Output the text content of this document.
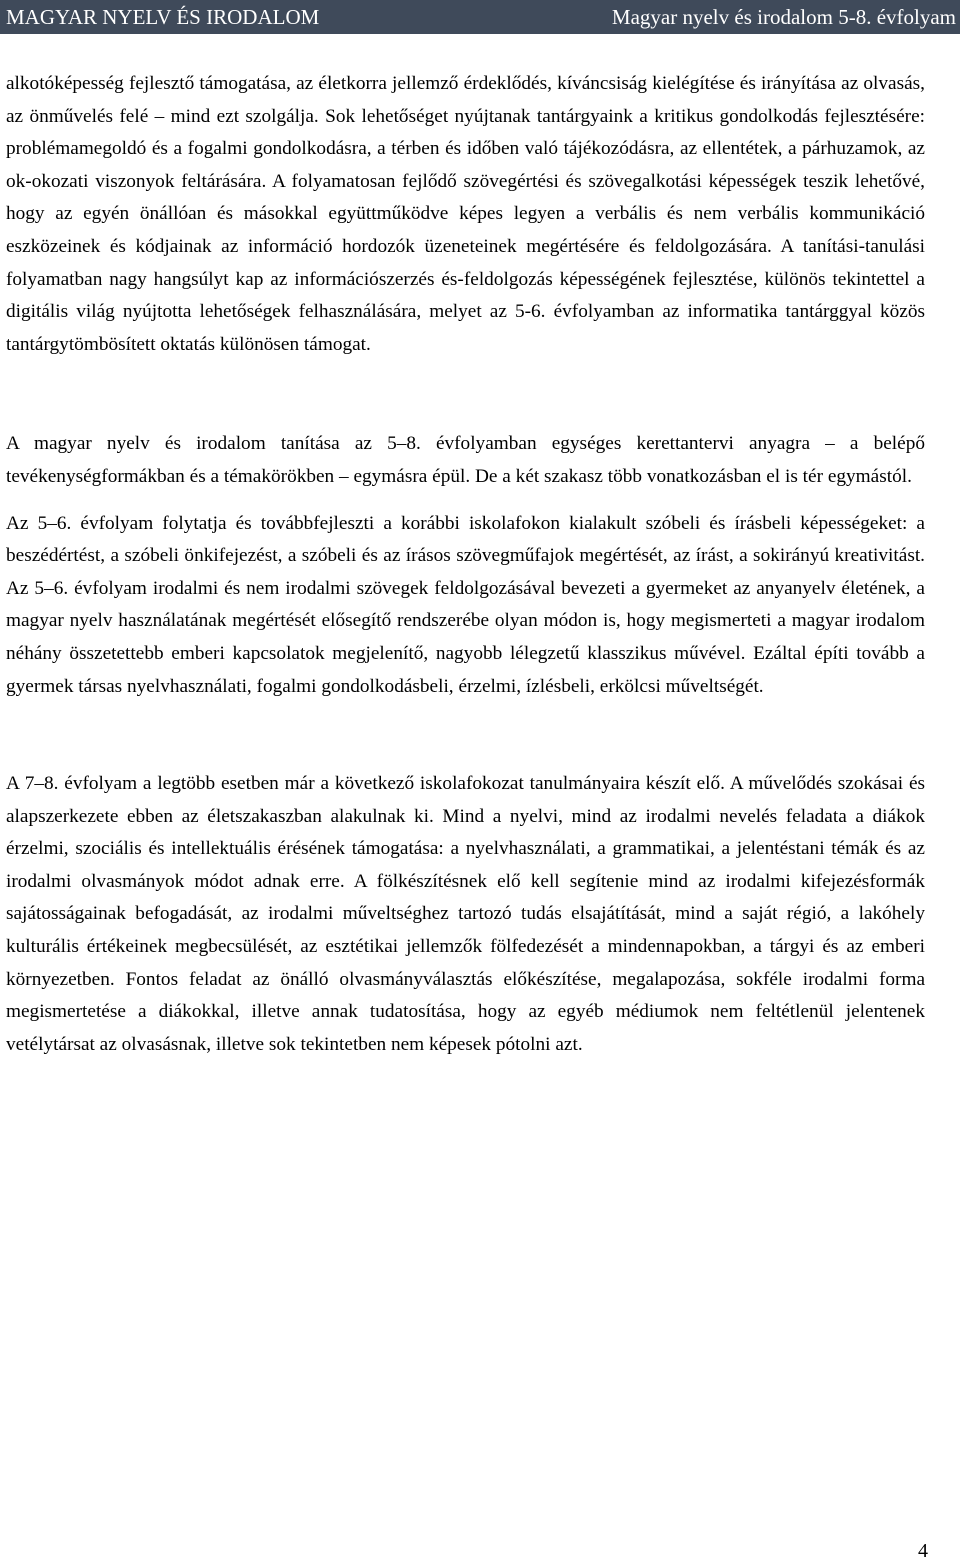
MAGYAR NYELV ÉS IRODALOM	Magyar nyelv és irodalom 5-8. évfolyam

alkotóképesség fejlesztő támogatása, az életkorra jellemző érdeklődés, kíváncsiság kielégítése és irányítása az olvasás, az önművelés felé – mind ezt szolgálja. Sok lehetőséget nyújtanak tantárgyaink a kritikus gondolkodás fejlesztésére: problémamegoldó és a fogalmi gondolkodásra, a térben és időben való tájékozódásra, az ellentétek, a párhuzamok, az ok-okozati viszonyok feltárására. A folyamatosan fejlődő szövegértési és szövegalkotási képességek teszik lehetővé, hogy az egyén önállóan és másokkal együttműködve képes legyen a verbális és nem verbális kommunikáció eszközeinek és kódjainak az információ hordozók üzeneteinek megértésére és feldolgozására. A tanítási-tanulási folyamatban nagy hangsúlyt kap az információszerzés és-feldolgozás képességének fejlesztése, különös tekintettel a digitális világ nyújtotta lehetőségek felhasználására, melyet az 5-6. évfolyamban az informatika tantárggyal közös tantárgytömbösített oktatás különösen támogat.

A magyar nyelv és irodalom tanítása az 5–8. évfolyamban egységes kerettantervi anyagra – a belépő tevékenységformákban és a témakörökben – egymásra épül. De a két szakasz több vonatkozásban el is tér egymástól.

Az 5–6. évfolyam folytatja és továbbfejleszti a korábbi iskolafokon kialakult szóbeli és írásbeli képességeket: a beszédértést, a szóbeli önkifejezést, a szóbeli és az írásos szövegműfajok megértését, az írást, a sokirányú kreativitást. Az 5–6. évfolyam irodalmi és nem irodalmi szövegek feldolgozásával bevezeti a gyermeket az anyanyelv életének, a magyar nyelv használatának megértését elősegítő rendszerébe olyan módon is, hogy megismerteti a magyar irodalom néhány összetettebb emberi kapcsolatok megjelenítő, nagyobb lélegzetű klasszikus művével. Ezáltal építi tovább a gyermek társas nyelvhasználati, fogalmi gondolkodásbeli, érzelmi, ízlésbeli, erkölcsi műveltségét.

A 7–8. évfolyam a legtöbb esetben már a következő iskolafokozat tanulmányaira készít elő. A művelődés szokásai és alapszerkezete ebben az életszakaszban alakulnak ki. Mind a nyelvi, mind az irodalmi nevelés feladata a diákok érzelmi, szociális és intellektuális érésének támogatása: a nyelvhasználati, a grammatikai, a jelentéstani témák és az irodalmi olvasmányok módot adnak erre. A fölkészítésnek elő kell segítenie mind az irodalmi kifejezésformák sajátosságainak befogadását, az irodalmi műveltséghez tartozó tudás elsajátítását, mind a saját régió, a lakóhely kulturális értékeinek megbecsülését, az esztétikai jellemzők fölfedezését a mindennapokban, a tárgyi és az emberi környezetben. Fontos feladat az önálló olvasmányválasztás előkészítése, megalapozása, sokféle irodalmi forma megismertetése a diákokkal, illetve annak tudatosítása, hogy az egyéb médiumok nem feltétlenül jelentenek vetélytársat az olvasásnak, illetve sok tekintetben nem képesek pótolni azt.

4
